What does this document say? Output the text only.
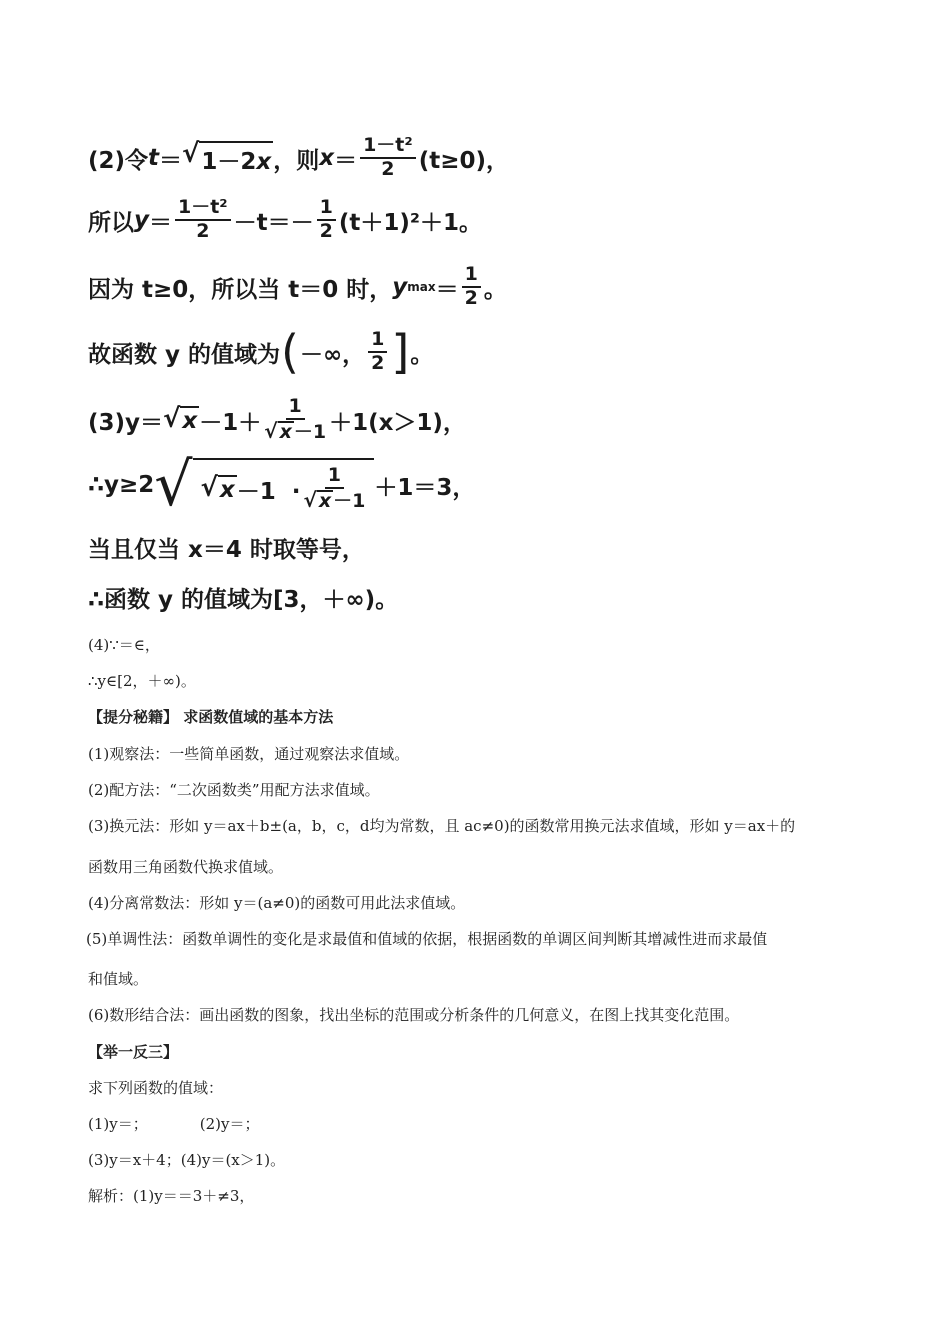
(2)令 t ＝ √ 1－2x ，则 $x = \frac{\text{1－t²}}{2} (t\ge 0)$，
所以 $y = \frac{\text{1－t²}}{2} -t=- \frac{1}{2} (t+1)^2+1$。
因为 t≥0，所以当 t＝0 时， y $\max = \frac{1}{2}$ 。
故函数 y 的值域为 ( －∞， $\frac{1}{2}$ ] 。
(3)y＝ √ $x -1+ \frac{1}{√ x -1} +1(x>1)$，
∴y≥2 √ √ $x -1 \cdot \frac{1}{√ x -1} +1=3$，
当且仅当 x＝4 时取等号，
∴函数 y 的值域为[3，＋∞)。
(4)∵＝∈，
∴y∈[2，＋∞)。
【提分秘籍】 求函数值域的基本方法
(1)观察法：一些简单函数，通过观察法求值域。
(2)配方法：“二次函数类”用配方法求值域。
(3)换元法：形如 y＝ax＋b±(a，b，c，d均为常数，且 ac≠0)的函数常用换元法求值域，形如 y＝ax＋的
函数用三角函数代换求值域。
(4)分离常数法：形如 y＝(a≠0)的函数可用此法求值域。
(5)单调性法：函数单调性的变化是求最值和值域的依据，根据函数的单调区间判断其增减性进而求最值
和值域。
(6)数形结合法：画出函数的图象，找出坐标的范围或分析条件的几何意义，在图上找其变化范围。
【举一反三】
求下列函数的值域：
(1)y＝；	(2)y＝；
(3)y＝x＋4；(4)y＝(x＞1)。
解析：(1)y＝＝3＋≠3，
